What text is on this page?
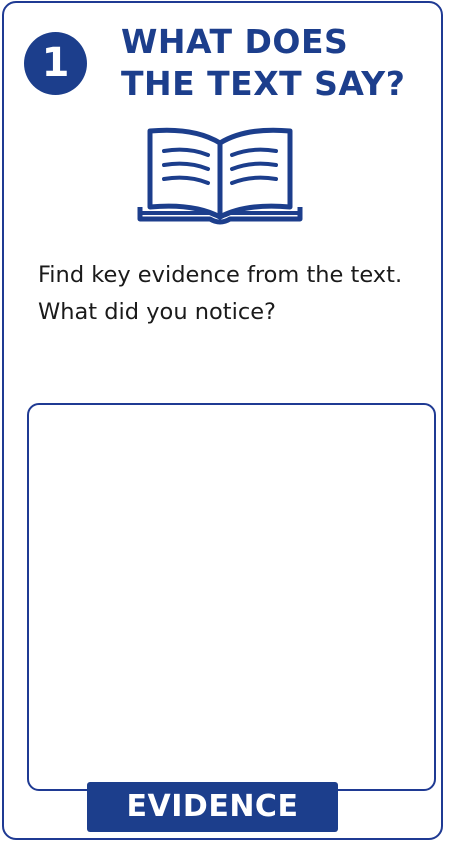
1	WHAT DOES
THE TEXT SAY?
Find key evidence from the text.
What did you notice?
EVIDENCE
